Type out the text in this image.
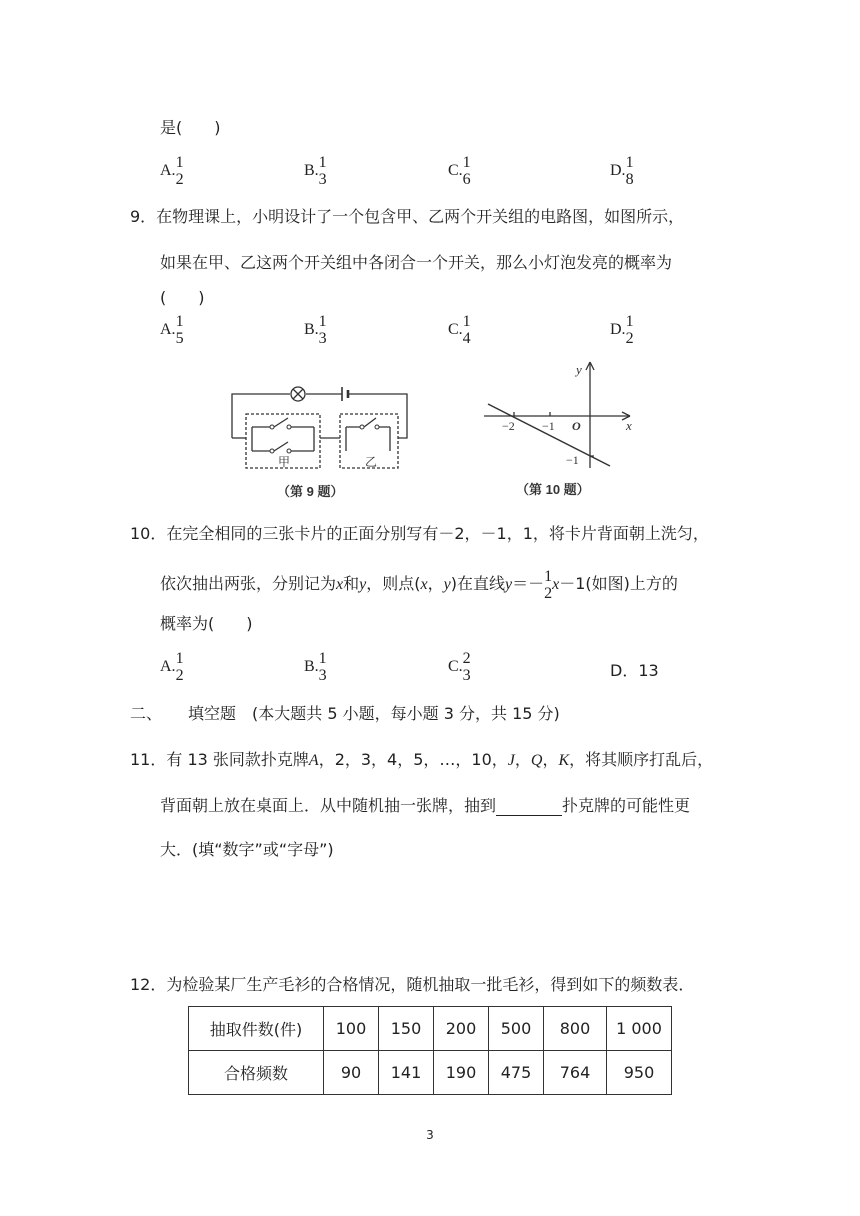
是(　　)
A. 1
2
B. 1
3
C. 1
6
D. 1
8
9．在物理课上，小明设计了一个包含甲、乙两个开关组的电路图，如图所示，
如果在甲、乙这两个开关组中各闭合一个开关，那么小灯泡发亮的概率为
(　　)
A. 1
5
B. 1
3
C. 1
4
D. 1
2
甲	乙
（第 9 题）
y
x
O
−2 −1
−1
（第 10 题）
10．在完全相同的三张卡片的正面分别写有－2，－1，1，将卡片背面朝上洗匀，
依次抽出两张，分别记为x和y，则点(x，y)在直线y＝－ 1
2 x－1(如图)上方的
概率为(　　)
A. 1
2
B. 1
3
C. 2
3	D．13
二、 填空题 (本大题共 5 小题，每小题 3 分，共 15 分)
11．有 13 张同款扑克牌A，2，3，4，5，…，10，J，Q，K，将其顺序打乱后，
背面朝上放在桌面上．从中随机抽一张牌，抽到	扑克牌的可能性更
大．(填“数字”或“字母”)
12．为检验某厂生产毛衫的合格情况，随机抽取一批毛衫，得到如下的频数表．
抽取件数(件)	100	150	200	500	800	1 000
合格频数	90	141	190	475	764	950
3
